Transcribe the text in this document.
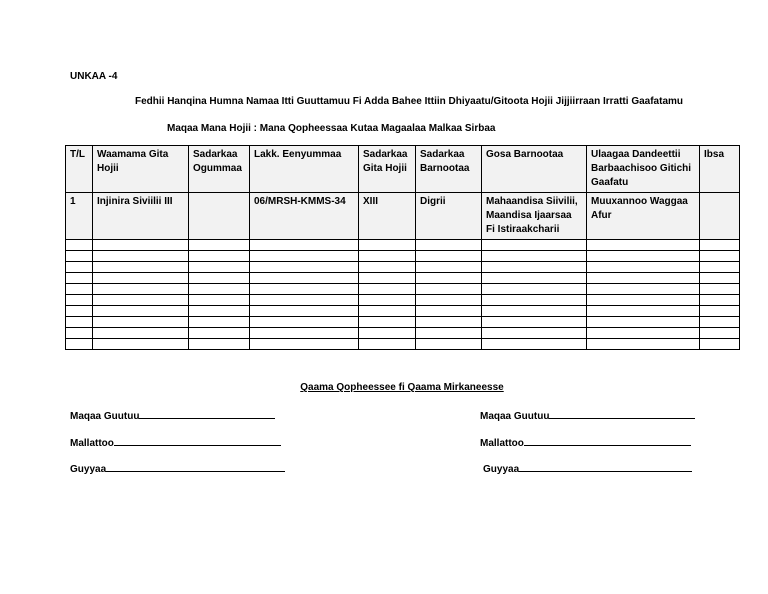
UNKAA -4
Fedhii Hanqina Humna Namaa Itti Guuttamuu Fi Adda Bahee Ittiin Dhiyaatu/Gitoota Hojii Jijjiirraan Irratti Gaafatamu
Maqaa Mana Hojii : Mana Qopheessaa Kutaa Magaalaa Malkaa Sirbaa
T/L	Waamama Gita Hojii	Sadarkaa Ogummaa	Lakk. Eenyummaa	Sadarkaa Gita Hojii	Sadarkaa Barnootaa	Gosa Barnootaa	Ulaagaa Dandeettii Barbaachisoo Gitichi Gaafatu	Ibsa
1	Injinira Siviilii III		06/MRSH-KMMS-34	XIII	Digrii	Mahaandisa Siivilii, Maandisa Ijaarsaa Fi Istiraakcharii	Muuxannoo Waggaa Afur	

Qaama Qopheessee fi Qaama Mirkaneesse
Maqaa Guutuu
Mallattoo
Guyyaa
Maqaa Guutuu
Mallattoo
Guyyaa
